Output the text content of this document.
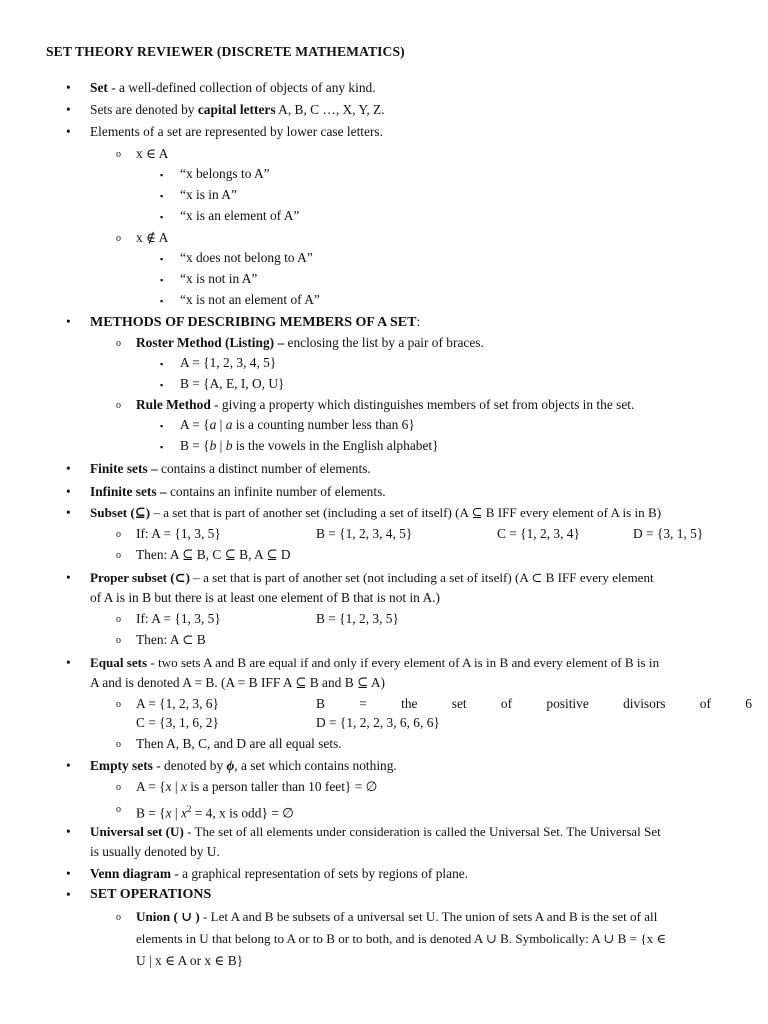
SET THEORY REVIEWER (DISCRETE MATHEMATICS)
• Set - a well-defined collection of objects of any kind.
• Sets are denoted by capital letters A, B, C …, X, Y, Z.
• Elements of a set are represented by lower case letters.
o x ∈ A
▪ “x belongs to A”
▪ “x is in A”
▪ “x is an element of A”
o x ∉ A
▪ “x does not belong to A”
▪ “x is not in A”
▪ “x is not an element of A”
• METHODS OF DESCRIBING MEMBERS OF A SET:
o Roster Method (Listing) – enclosing the list by a pair of braces.
▪ A = {1, 2, 3, 4, 5}
▪ B = {A, E, I, O, U}
o Rule Method - giving a property which distinguishes members of set from objects in the set.
▪ A = {a | a is a counting number less than 6}
▪ B = {b | b is the vowels in the English alphabet}
• Finite sets – contains a distinct number of elements.
• Infinite sets – contains an infinite number of elements.
• Subset (⊆) – a set that is part of another set (including a set of itself) (A ⊆ B IFF every element of A is in B)
o If: A = {1, 3, 5}	B = {1, 2, 3, 4, 5}	C = {1, 2, 3, 4}	D = {3, 1, 5}
o Then: A ⊆ B, C ⊆ B, A ⊆ D
• Proper subset (⊂) – a set that is part of another set (not including a set of itself) (A ⊂ B IFF every element
of A is in B but there is at least one element of B that is not in A.)
o If: A = {1, 3, 5}	B = {1, 2, 3, 5}
o Then: A ⊂ B
• Equal sets - two sets A and B are equal if and only if every element of A is in B and every element of B is in
A and is denoted A = B. (A = B IFF A ⊆ B and B ⊆ A)
o A = {1, 2, 3, 6}	B	=	the	set	of	positive	divisors	of	6
C = {3, 1, 6, 2}	D = {1, 2, 2, 3, 6, 6, 6}
o Then A, B, C, and D are all equal sets.
• Empty sets - denoted by ϕ, a set which contains nothing.
o A = {x | x is a person taller than 10 feet} = ∅
o B = {x | $x^2 = 4$, x is odd} = ∅
• Universal set (U) - The set of all elements under consideration is called the Universal Set. The Universal Set
is usually denoted by U.
• Venn diagram - a graphical representation of sets by regions of plane.
• SET OPERATIONS
o Union ( ∪ ) - Let A and B be subsets of a universal set U. The union of sets A and B is the set of all
elements in U that belong to A or to B or to both, and is denoted A ∪ B. Symbolically: A ∪ B = {x ∈
U | x ∈ A or x ∈ B}
